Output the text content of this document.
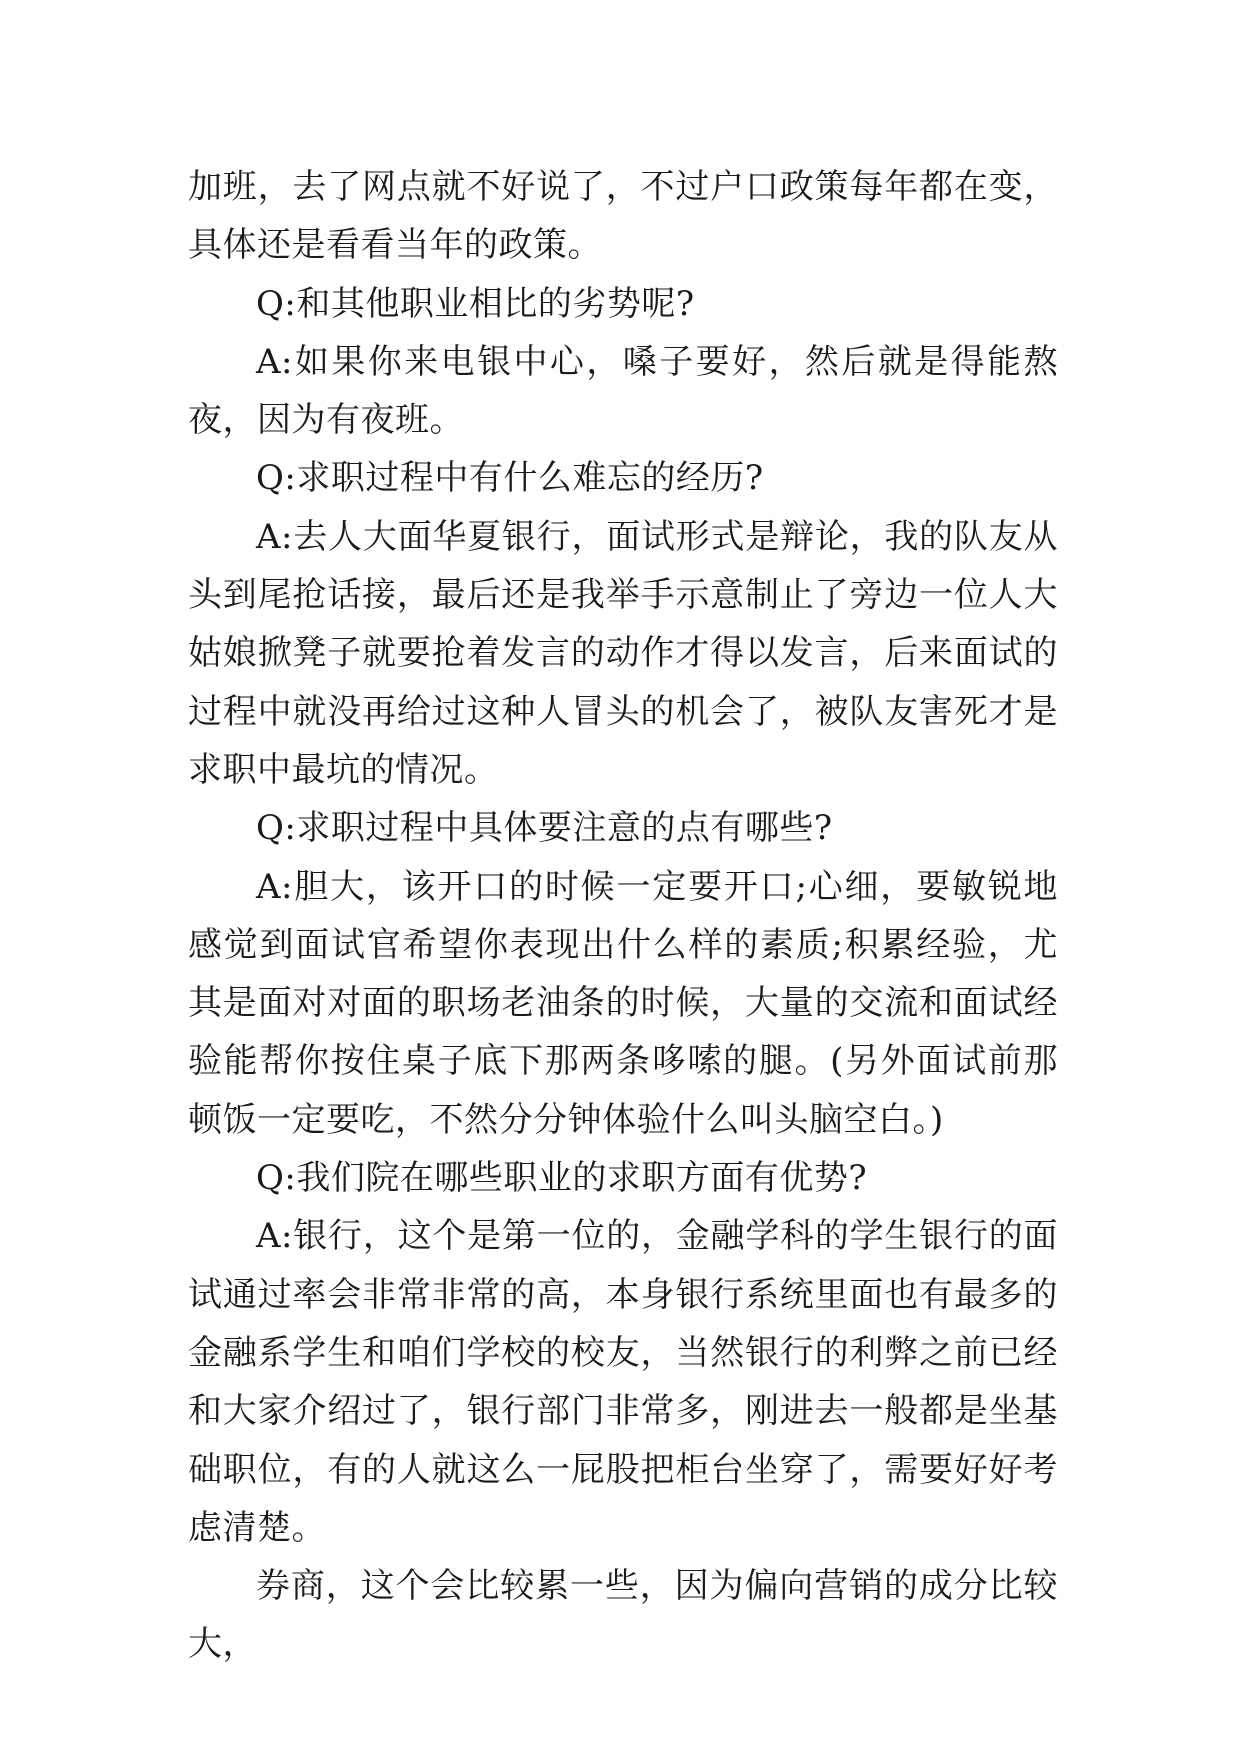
加班，去了网点就不好说了，不过户口政策每年都在变，具体还是看看当年的政策。

Q:和其他职业相比的劣势呢?

A:如果你来电银中心，嗓子要好，然后就是得能熬夜，因为有夜班。

Q:求职过程中有什么难忘的经历?

A:去人大面华夏银行，面试形式是辩论，我的队友从头到尾抢话接，最后还是我举手示意制止了旁边一位人大姑娘掀凳子就要抢着发言的动作才得以发言，后来面试的过程中就没再给过这种人冒头的机会了，被队友害死才是求职中最坑的情况。

Q:求职过程中具体要注意的点有哪些?

A:胆大，该开口的时候一定要开口;心细，要敏锐地感觉到面试官希望你表现出什么样的素质;积累经验，尤其是面对对面的职场老油条的时候，大量的交流和面试经验能帮你按住桌子底下那两条哆嗦的腿。(另外面试前那顿饭一定要吃，不然分分钟体验什么叫头脑空白。)

Q:我们院在哪些职业的求职方面有优势?

A:银行，这个是第一位的，金融学科的学生银行的面试通过率会非常非常的高，本身银行系统里面也有最多的金融系学生和咱们学校的校友，当然银行的利弊之前已经和大家介绍过了，银行部门非常多，刚进去一般都是坐基础职位，有的人就这么一屁股把柜台坐穿了，需要好好考虑清楚。

券商，这个会比较累一些，因为偏向营销的成分比较大，
